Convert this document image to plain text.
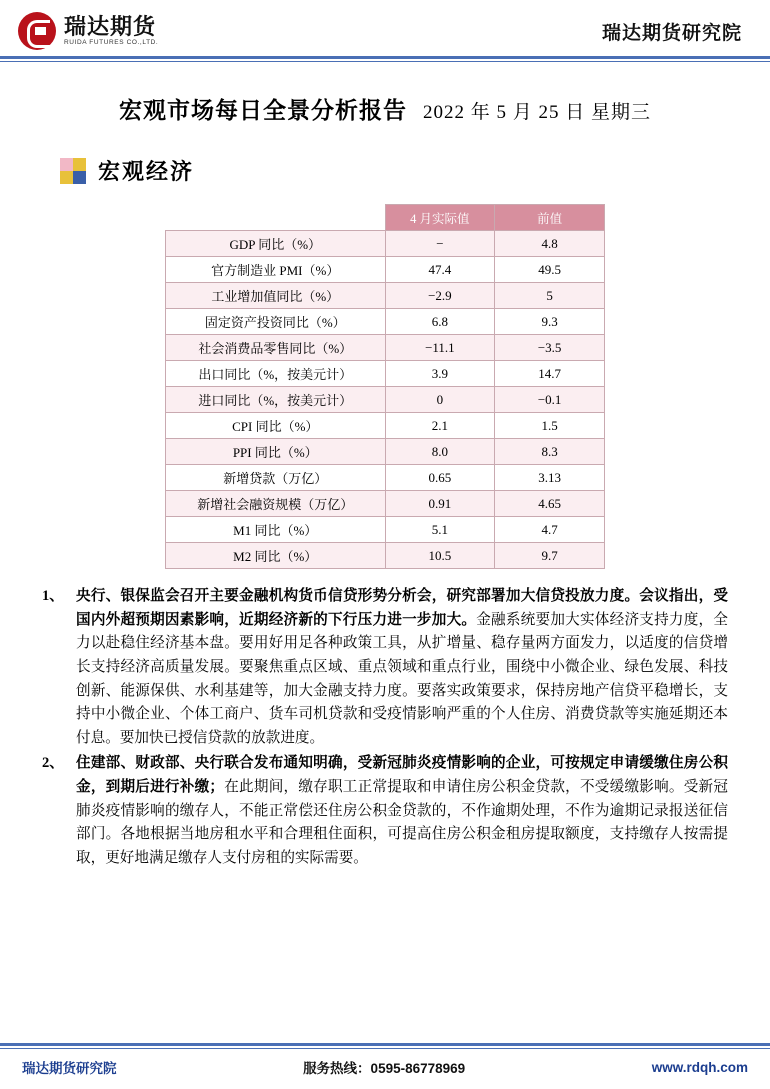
瑞达期货
RUIDA FUTURES CO.,LTD.	瑞达期货研究院
宏观市场每日全景分析报告 2022 年 5 月 25 日 星期三
宏观经济
	4 月实际值	前值
GDP 同比（%）	−	4.8
官方制造业 PMI（%）	47.4	49.5
工业增加值同比（%）	−2.9	5
固定资产投资同比（%）	6.8	9.3
社会消费品零售同比（%）	−11.1	−3.5
出口同比（%，按美元计）	3.9	14.7
进口同比（%，按美元计）	0	−0.1
CPI 同比（%）	2.1	1.5
PPI 同比（%）	8.0	8.3
新增贷款（万亿）	0.65	3.13
新增社会融资规模（万亿）	0.91	4.65
M1 同比（%）	5.1	4.7
M2 同比（%）	10.5	9.7
1、 央行、银保监会召开主要金融机构货币信贷形势分析会，研究部署加大信贷投放力度。会议指出，受国内外超预期因素影响，近期经济新的下行压力进一步加大。金融系统要加大实体经济支持力度，全力以赴稳住经济基本盘。要用好用足各种政策工具，从扩增量、稳存量两方面发力，以适度的信贷增长支持经济高质量发展。要聚焦重点区域、重点领域和重点行业，围绕中小微企业、绿色发展、科技创新、能源保供、水利基建等，加大金融支持力度。要落实政策要求，保持房地产信贷平稳增长，支持中小微企业、个体工商户、货车司机贷款和受疫情影响严重的个人住房、消费贷款等实施延期还本付息。要加快已授信贷款的放款进度。
2、 住建部、财政部、央行联合发布通知明确，受新冠肺炎疫情影响的企业，可按规定申请缓缴住房公积金，到期后进行补缴；在此期间，缴存职工正常提取和申请住房公积金贷款，不受缓缴影响。受新冠肺炎疫情影响的缴存人，不能正常偿还住房公积金贷款的，不作逾期处理，不作为逾期记录报送征信部门。各地根据当地房租水平和合理租住面积，可提高住房公积金租房提取额度，支持缴存人按需提取，更好地满足缴存人支付房租的实际需要。
瑞达期货研究院	服务热线：0595-86778969	www.rdqh.com
